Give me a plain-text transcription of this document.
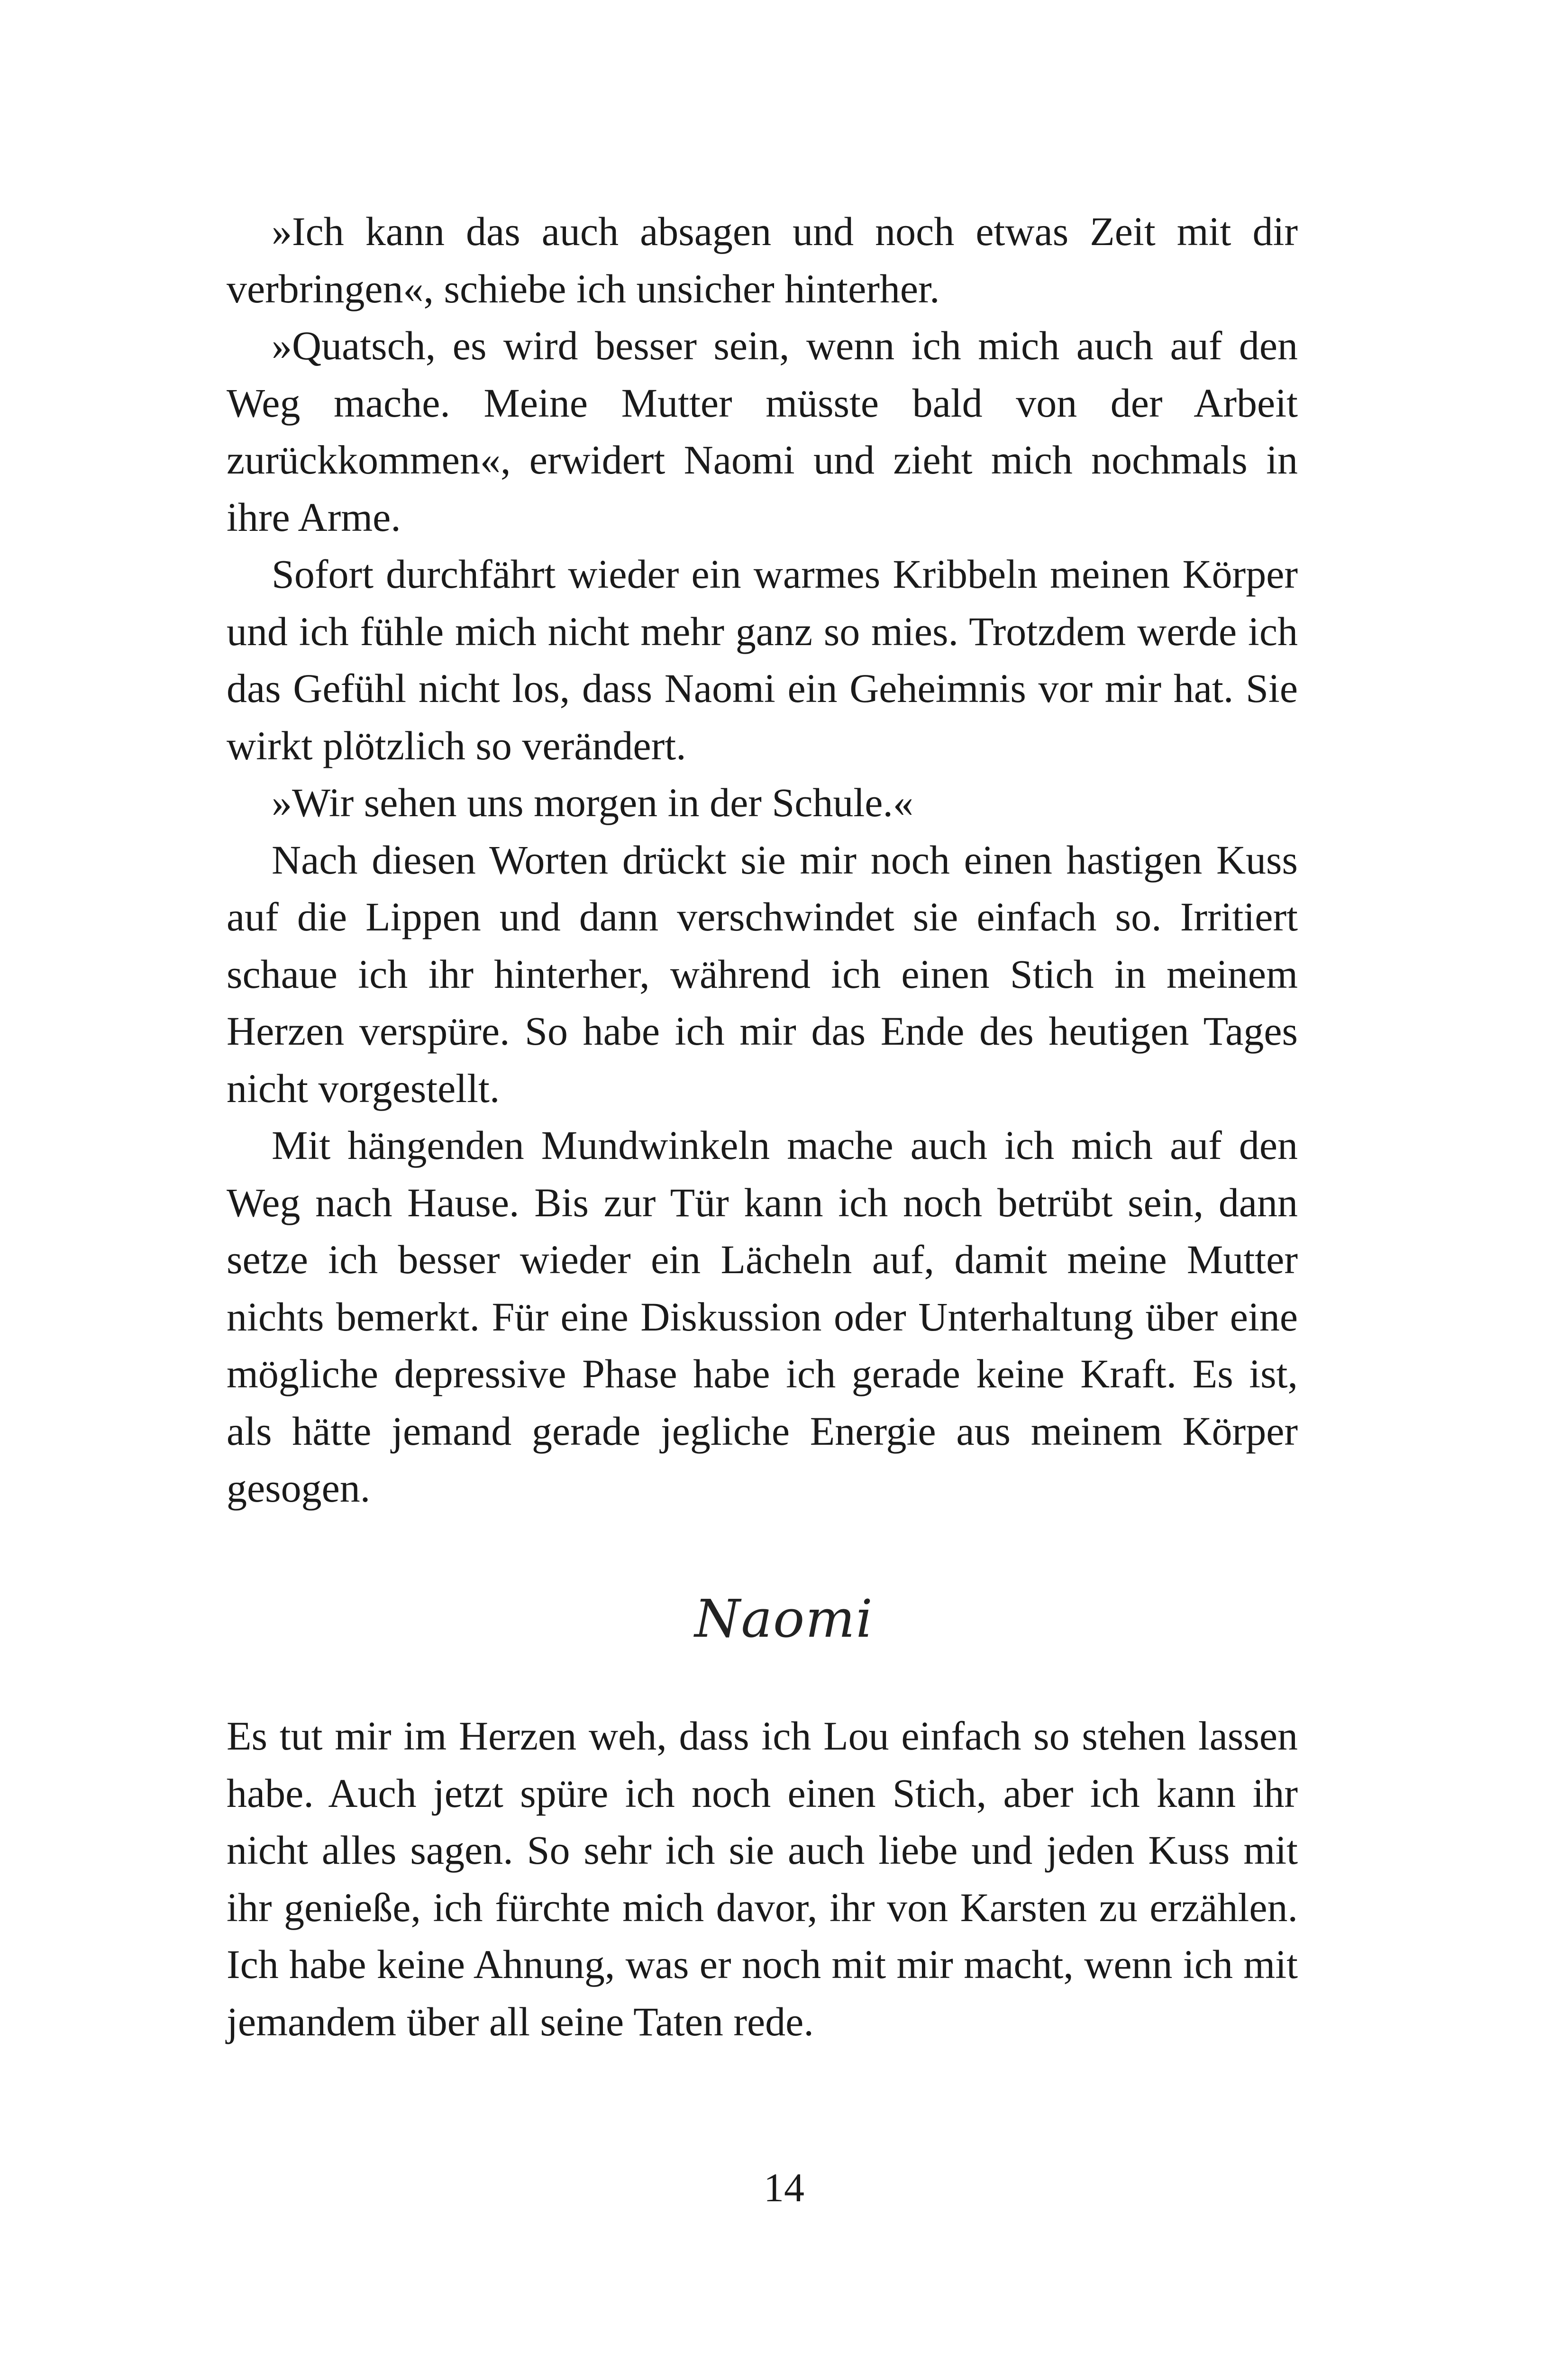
»Ich kann das auch absagen und noch etwas Zeit mit dir verbringen«, schiebe ich unsicher hinterher.

»Quatsch, es wird besser sein, wenn ich mich auch auf den Weg mache. Meine Mutter müsste bald von der Arbeit zurückkommen«, erwidert Naomi und zieht mich nochmals in ihre Arme.

Sofort durchfährt wieder ein warmes Kribbeln meinen Körper und ich fühle mich nicht mehr ganz so mies. Trotzdem werde ich das Gefühl nicht los, dass Naomi ein Geheimnis vor mir hat. Sie wirkt plötzlich so verändert.

»Wir sehen uns morgen in der Schule.«

Nach diesen Worten drückt sie mir noch einen hastigen Kuss auf die Lippen und dann verschwindet sie einfach so. Irritiert schaue ich ihr hinterher, während ich einen Stich in meinem Herzen verspüre. So habe ich mir das Ende des heutigen Tages nicht vorgestellt.

Mit hängenden Mundwinkeln mache auch ich mich auf den Weg nach Hause. Bis zur Tür kann ich noch betrübt sein, dann setze ich besser wieder ein Lächeln auf, damit meine Mutter nichts bemerkt. Für eine Diskussion oder Unterhaltung über eine mögliche depressive Phase habe ich gerade keine Kraft. Es ist, als hätte jemand gerade jegliche Energie aus meinem Körper gesogen.

Naomi

Es tut mir im Herzen weh, dass ich Lou einfach so stehen lassen habe. Auch jetzt spüre ich noch einen Stich, aber ich kann ihr nicht alles sagen. So sehr ich sie auch liebe und jeden Kuss mit ihr genieße, ich fürchte mich davor, ihr von Karsten zu erzählen. Ich habe keine Ahnung, was er noch mit mir macht, wenn ich mit jemandem über all seine Taten rede.

14
